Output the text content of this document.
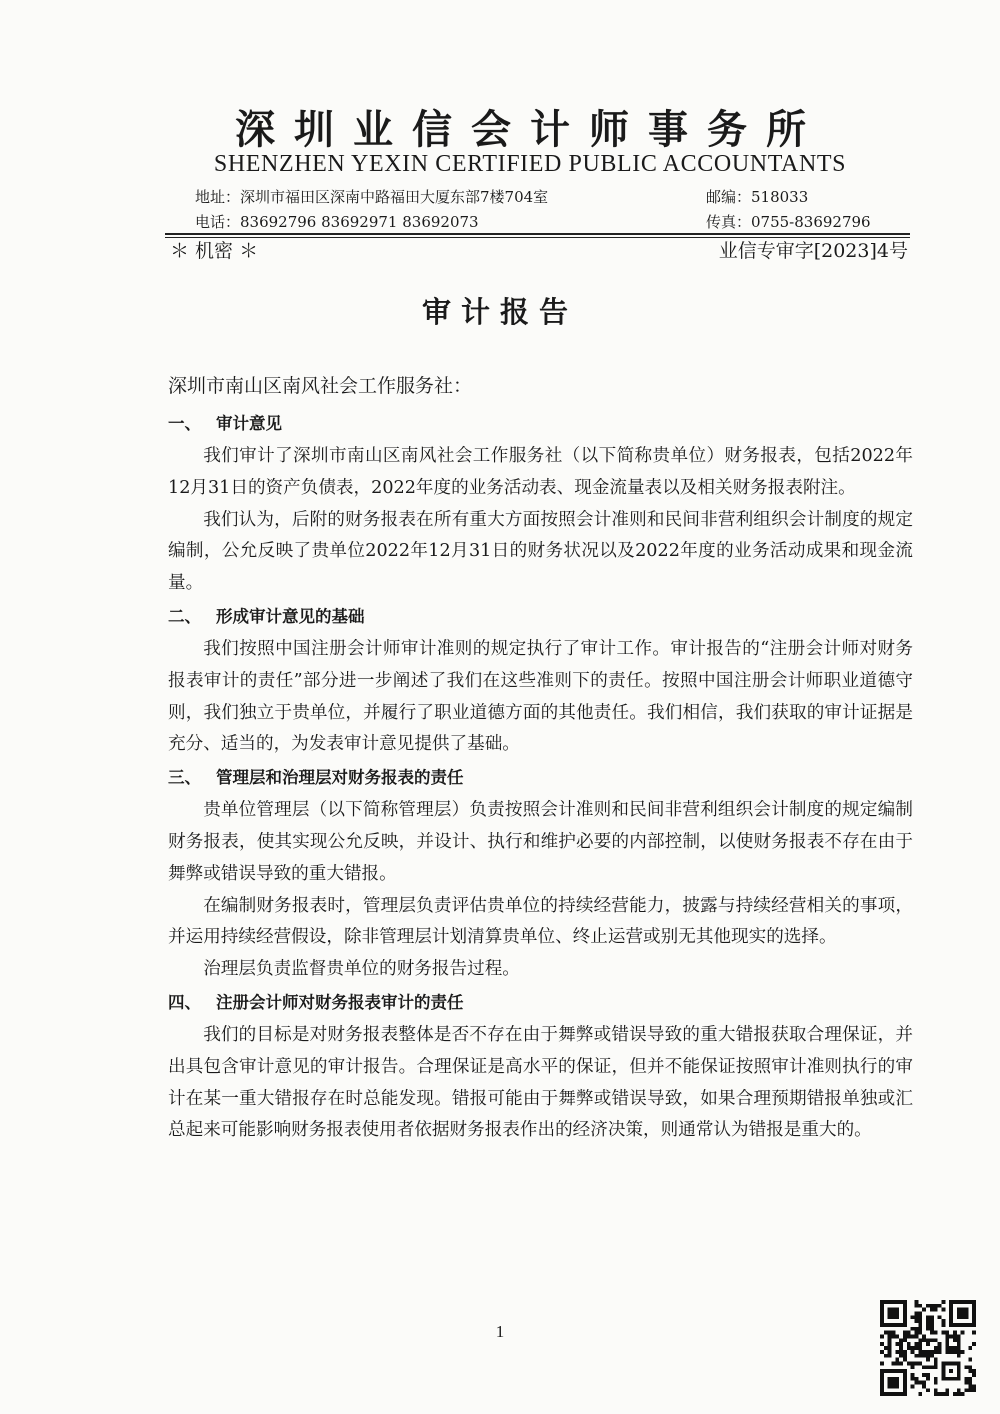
深圳业信会计师事务所
SHENZHEN YEXIN CERTIFIED PUBLIC ACCOUNTANTS
地址：深圳市福田区深南中路福田大厦东部7楼704室	邮编：518033
电话：83692796 83692971 83692073	传真：0755-83692796
＊ 机密 ＊	业信专审字[2023]4号
审计报告
深圳市南山区南风社会工作服务社：
一、 审计意见

我们审计了深圳市南山区南风社会工作服务社（以下简称贵单位）财务报表，包括2022年12月31日的资产负债表，2022年度的业务活动表、现金流量表以及相关财务报表附注。

我们认为，后附的财务报表在所有重大方面按照会计准则和民间非营利组织会计制度的规定编制，公允反映了贵单位2022年12月31日的财务状况以及2022年度的业务活动成果和现金流量。

二、 形成审计意见的基础

我们按照中国注册会计师审计准则的规定执行了审计工作。审计报告的“注册会计师对财务报表审计的责任”部分进一步阐述了我们在这些准则下的责任。按照中国注册会计师职业道德守则，我们独立于贵单位，并履行了职业道德方面的其他责任。我们相信，我们获取的审计证据是充分、适当的，为发表审计意见提供了基础。

三、 管理层和治理层对财务报表的责任

贵单位管理层（以下简称管理层）负责按照会计准则和民间非营利组织会计制度的规定编制财务报表，使其实现公允反映，并设计、执行和维护必要的内部控制，以使财务报表不存在由于舞弊或错误导致的重大错报。

在编制财务报表时，管理层负责评估贵单位的持续经营能力，披露与持续经营相关的事项，并运用持续经营假设，除非管理层计划清算贵单位、终止运营或别无其他现实的选择。

治理层负责监督贵单位的财务报告过程。

四、 注册会计师对财务报表审计的责任

我们的目标是对财务报表整体是否不存在由于舞弊或错误导致的重大错报获取合理保证，并出具包含审计意见的审计报告。合理保证是高水平的保证，但并不能保证按照审计准则执行的审计在某一重大错报存在时总能发现。错报可能由于舞弊或错误导致，如果合理预期错报单独或汇总起来可能影响财务报表使用者依据财务报表作出的经济决策，则通常认为错报是重大的。

1
